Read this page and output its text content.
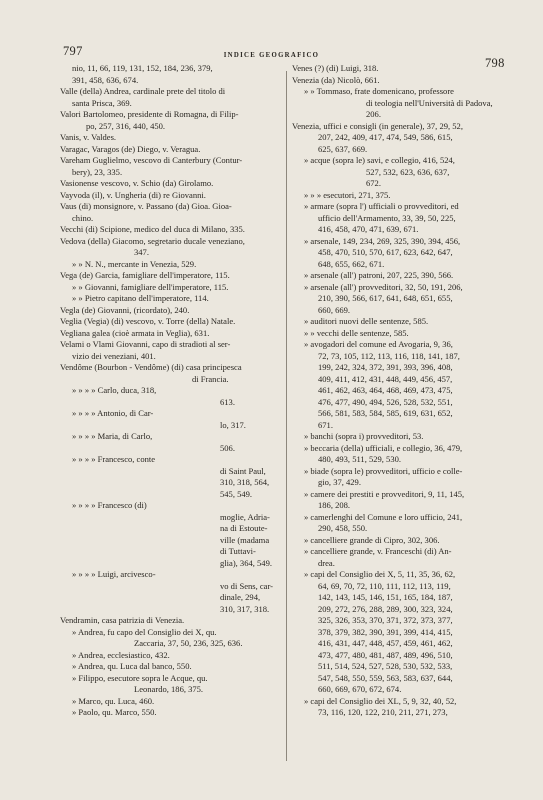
797	INDICE GEOGRAFICO
798
nio, 11, 66, 119, 131, 152, 184, 236, 379,
391, 458, 636, 674.
Valle (della) Andrea, cardinale prete del titolo di
santa Prisca, 369.
Valori Bartolomeo, presidente di Romagna, di Filip-
po, 257, 316, 440, 450.
Vanis, v. Valdes.
Varagac, Varagos (de) Diego, v. Veragua.
Vareham Guglielmo, vescovo di Canterbury (Contur-
bery), 23, 335.
Vasionense vescovo, v. Schio (da) Girolamo.
Vayvoda (il), v. Ungheria (di) re Giovanni.
Vaus (di) monsignore, v. Passano (da) Gioa. Gioa-
chino.
Vecchi (di) Scipione, medico del duca di Milano, 335.
Vedova (della) Giacomo, segretario ducale veneziano,
347.
» » N. N., mercante in Venezia, 529.
Vega (de) Garcia, famigliare dell'imperatore, 115.
» » Giovanni, famigliare dell'imperatore, 115.
» » Pietro capitano dell'imperatore, 114.
Vegla (de) Giovanni, (ricordato), 240.
Veglia (Vegia) (di) vescovo, v. Torre (della) Natale.
Vegliana galea (cioè armata in Veglia), 631.
Velami o Vlami Giovanni, capo di stradioti al ser-
vizio dei veneziani, 401.
Vendôme (Bourbon - Vendôme) (di) casa principesca
di Francia.
» » » » Carlo, duca, 318,
613.
» » » » Antonio, di Car-
lo, 317.
» » » » Maria, di Carlo,
506.
» » » » Francesco, conte
di Saint Paul,
310, 318, 564,
545, 549.
» » » » Francesco (di)
moglie, Adria-
na di Estoute-
ville (madama
di Tuttavi-
glia), 364, 549.
» » » » Luigi, arcivesco-
vo di Sens, car-
dinale, 294,
310, 317, 318.
Vendramin, casa patrizia di Venezia.
» Andrea, fu capo del Consiglio dei X, qu.
Zaccaria, 37, 50, 236, 325, 636.
» Andrea, ecclesiastico, 432.
» Andrea, qu. Luca dal banco, 550.
» Filippo, esecutore sopra le Acque, qu.
Leonardo, 186, 375.
» Marco, qu. Luca, 460.
» Paolo, qu. Marco, 550.
Venes (?) (di) Luigi, 318.
Venezia (da) Nicolò, 661.
» » Tommaso, frate domenicano, professore
di teologia nell'Università di Padova,
206.
Venezia, uffici e consigli (in generale), 37, 29, 52,
207, 242, 409, 417, 474, 549, 586, 615,
625, 637, 669.
» acque (sopra le) savi, e collegio, 416, 524,
527, 532, 623, 636, 637,
672.
» » » esecutori, 271, 375.
» armare (sopra l') ufficiali o provveditori, ed
ufficio dell'Armamento, 33, 39, 50, 225,
416, 458, 470, 471, 639, 671.
» arsenale, 149, 234, 269, 325, 390, 394, 456,
458, 470, 510, 570, 617, 623, 642, 647,
648, 655, 662, 671.
» arsenale (all') patroni, 207, 225, 390, 566.
» arsenale (all') provveditori, 32, 50, 191, 206,
210, 390, 566, 617, 641, 648, 651, 655,
660, 669.
» auditori nuovi delle sentenze, 585.
» » vecchi delle sentenze, 585.
» avogadori del comune ed Avogaria, 9, 36,
72, 73, 105, 112, 113, 116, 118, 141, 187,
199, 242, 324, 372, 391, 393, 396, 408,
409, 411, 412, 431, 448, 449, 456, 457,
461, 462, 463, 464, 468, 469, 473, 475,
476, 477, 490, 494, 526, 528, 532, 551,
566, 581, 583, 584, 585, 619, 631, 652,
671.
» banchi (sopra i) provveditori, 53.
» beccaria (della) ufficiali, e collegio, 36, 479,
480, 493, 511, 529, 530.
» biade (sopra le) provveditori, ufficio e colle-
gio, 37, 429.
» camere dei prestiti e provveditori, 9, 11, 145,
186, 208.
» camerlenghi del Comune e loro ufficio, 241,
290, 458, 550.
» cancelliere grande di Cipro, 302, 306.
» cancelliere grande, v. Franceschi (di) An-
drea.
» capi del Consiglio dei X, 5, 11, 35, 36, 62,
64, 69, 70, 72, 110, 111, 112, 113, 119,
142, 143, 145, 146, 151, 165, 184, 187,
209, 272, 276, 288, 289, 300, 323, 324,
325, 326, 353, 370, 371, 372, 373, 377,
378, 379, 382, 390, 391, 399, 414, 415,
416, 431, 447, 448, 457, 459, 461, 462,
473, 477, 480, 481, 487, 489, 496, 510,
511, 514, 524, 527, 528, 530, 532, 533,
547, 548, 550, 559, 563, 583, 637, 644,
660, 669, 670, 672, 674.
» capi del Consiglio dei XL, 5, 9, 32, 40, 52,
73, 116, 120, 122, 210, 211, 271, 273,
